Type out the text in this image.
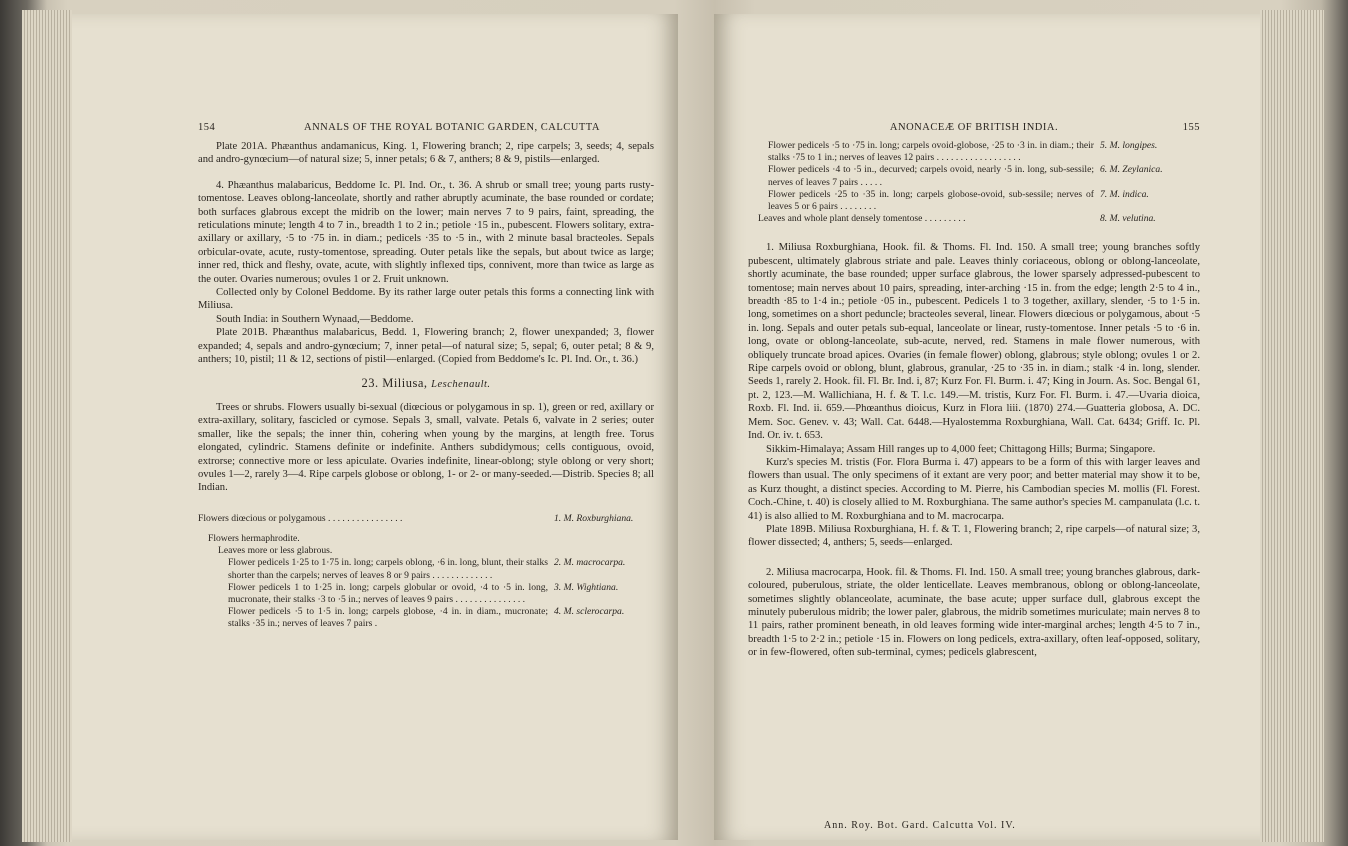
154	ANNALS OF THE ROYAL BOTANIC GARDEN, CALCUTTA

Plate 201A. Phæanthus andamanicus, King. 1, Flowering branch; 2, ripe carpels; 3, seeds; 4, sepals and andro-gynœcium—of natural size; 5, inner petals; 6 & 7, anthers; 8 & 9, pistils—enlarged.

4. Phæanthus malabaricus, Beddome Ic. Pl. Ind. Or., t. 36. A shrub or small tree; young parts rusty-tomentose. Leaves oblong-lanceolate, shortly and rather abruptly acuminate, the base rounded or cordate; both surfaces glabrous except the midrib on the lower; main nerves 7 to 9 pairs, faint, spreading, the reticulations minute; length 4 to 7 in., breadth 1 to 2 in.; petiole ·15 in., pubescent. Flowers solitary, extra-axillary or axillary, ·5 to ·75 in. in diam.; pedicels ·35 to ·5 in., with 2 minute basal bracteoles. Sepals orbicular-ovate, acute, rusty-tomentose, spreading. Outer petals like the sepals, but about twice as large; inner red, thick and fleshy, ovate, acute, with slightly inflexed tips, connivent, more than twice as large as the outer. Ovaries numerous; ovules 1 or 2. Fruit unknown.

Collected only by Colonel Beddome. By its rather large outer petals this forms a connecting link with Miliusa.

South India: in Southern Wynaad,—Beddome.

Plate 201B. Phæanthus malabaricus, Bedd. 1, Flowering branch; 2, flower unexpanded; 3, flower expanded; 4, sepals and andro-gynœcium; 7, inner petal—of natural size; 5, sepal; 6, outer petal; 8 & 9, anthers; 10, pistil; 11 & 12, sections of pistil—enlarged. (Copied from Beddome's Ic. Pl. Ind. Or., t. 36.)

23. Miliusa, Leschenault.

Trees or shrubs. Flowers usually bi-sexual (diœcious or polygamous in sp. 1), green or red, axillary or extra-axillary, solitary, fascicled or cymose. Sepals 3, small, valvate. Petals 6, valvate in 2 series; outer smaller, like the sepals; the inner thin, cohering when young by the margins, at length free. Torus elongated, cylindric. Stamens definite or indefinite. Anthers subdidymous; cells contiguous, ovoid, extrorse; connective more or less apiculate. Ovaries indefinite, linear-oblong; style oblong or very short; ovules 1—2, rarely 3—4. Ripe carpels globose or oblong, 1- or 2- or many-seeded.—Distrib. Species 8; all Indian.

Flowers diœcious or polygamous . . . . . . . . . . . . . . . .	1. M. Roxburghiana.
Flowers hermaphrodite.
Leaves more or less glabrous.
Flower pedicels 1·25 to 1·75 in. long; carpels oblong, ·6 in. long, blunt, their stalks shorter than the carpels; nerves of leaves 8 or 9 pairs . . . . . . . . . . . . .
2. M. macrocarpa.
Flower pedicels 1 to 1·25 in. long; carpels globular or ovoid, ·4 to ·5 in. long, mucronate, their stalks ·3 to ·5 in.; nerves of leaves 9 pairs . . . . . . . . . . . . . . .
3. M. Wightiana.
Flower pedicels ·5 to 1·5 in. long; carpels globose, ·4 in. in diam., mucronate; stalks ·35 in.; nerves of leaves 7 pairs .
4. M. sclerocarpa.
ANONACEÆ OF BRITISH INDIA.	155
Flower pedicels ·5 to ·75 in. long; carpels ovoid-globose, ·25 to ·3 in. in diam.; their stalks ·75 to 1 in.; nerves of leaves 12 pairs . . . . . . . . . . . . . . . . . .
5. M. longipes.
Flower pedicels ·4 to ·5 in., decurved; carpels ovoid, nearly ·5 in. long, sub-sessile; nerves of leaves 7 pairs . . . . .
6. M. Zeylanica.
Flower pedicels ·25 to ·35 in. long; carpels globose-ovoid, sub-sessile; nerves of leaves 5 or 6 pairs . . . . . . . .
7. M. indica.
Leaves and whole plant densely tomentose . . . . . . . . .	8. M. velutina.

1. Miliusa Roxburghiana, Hook. fil. & Thoms. Fl. Ind. 150. A small tree; young branches softly pubescent, ultimately glabrous striate and pale. Leaves thinly coriaceous, oblong or oblong-lanceolate, shortly acuminate, the base rounded; upper surface glabrous, the lower sparsely adpressed-pubescent to tomentose; main nerves about 10 pairs, spreading, inter-arching ·15 in. from the edge; length 2·5 to 4 in., breadth ·85 to 1·4 in.; petiole ·05 in., pubescent. Pedicels 1 to 3 together, axillary, slender, ·5 to 1·5 in. long, sometimes on a short peduncle; bracteoles several, linear. Flowers diœcious or polygamous, about ·5 in. long. Sepals and outer petals sub-equal, lanceolate or linear, rusty-tomentose. Inner petals ·5 to ·6 in. long, ovate or oblong-lanceolate, sub-acute, nerved, red. Stamens in male flower numerous, with obliquely truncate broad apices. Ovaries (in female flower) oblong, glabrous; style oblong; ovules 1 or 2. Ripe carpels ovoid or oblong, blunt, glabrous, granular, ·25 to ·35 in. in diam.; stalk ·4 in. long, slender. Seeds 1, rarely 2. Hook. fil. Fl. Br. Ind. i, 87; Kurz For. Fl. Burm. i. 47; King in Journ. As. Soc. Bengal 61, pt. 2, 123.—M. Wallichiana, H. f. & T. l.c. 149.—M. tristis, Kurz For. Fl. Burm. i. 47.—Uvaria dioica, Roxb. Fl. Ind. ii. 659.—Phœanthus dioicus, Kurz in Flora liii. (1870) 274.—Guatteria globosa, A. DC. Mem. Soc. Genev. v. 43; Wall. Cat. 6448.—Hyalostemma Roxburghiana, Wall. Cat. 6434; Griff. Ic. Pl. Ind. Or. iv. t. 653.

Sikkim-Himalaya; Assam Hill ranges up to 4,000 feet; Chittagong Hills; Burma; Singapore.

Kurz's species M. tristis (For. Flora Burma i. 47) appears to be a form of this with larger leaves and flowers than usual. The only specimens of it extant are very poor; and better material may show it to be, as Kurz thought, a distinct species. According to M. Pierre, his Cambodian species M. mollis (Fl. Forest. Coch.-Chine, t. 40) is closely allied to M. Roxburghiana. The same author's species M. campanulata (l.c. t. 41) is also allied to M. Roxburghiana and to M. macrocarpa.

Plate 189B. Miliusa Roxburghiana, H. f. & T. 1, Flowering branch; 2, ripe carpels—of natural size; 3, flower dissected; 4, anthers; 5, seeds—enlarged.

2. Miliusa macrocarpa, Hook. fil. & Thoms. Fl. Ind. 150. A small tree; young branches glabrous, dark-coloured, puberulous, striate, the older lenticellate. Leaves membranous, oblong or oblong-lanceolate, sometimes slightly oblanceolate, acuminate, the base acute; upper surface dull, glabrous except the minutely puberulous midrib; the lower paler, glabrous, the midrib sometimes muriculate; main nerves 8 to 11 pairs, rather prominent beneath, in old leaves forming wide inter-marginal arches; length 4·5 to 7 in., breadth 1·5 to 2·2 in.; petiole ·15 in. Flowers on long pedicels, extra-axillary, often leaf-opposed, solitary, or in few-flowered, often sub-terminal, cymes; pedicels glabrescent,

Ann. Roy. Bot. Gard. Calcutta Vol. IV.
